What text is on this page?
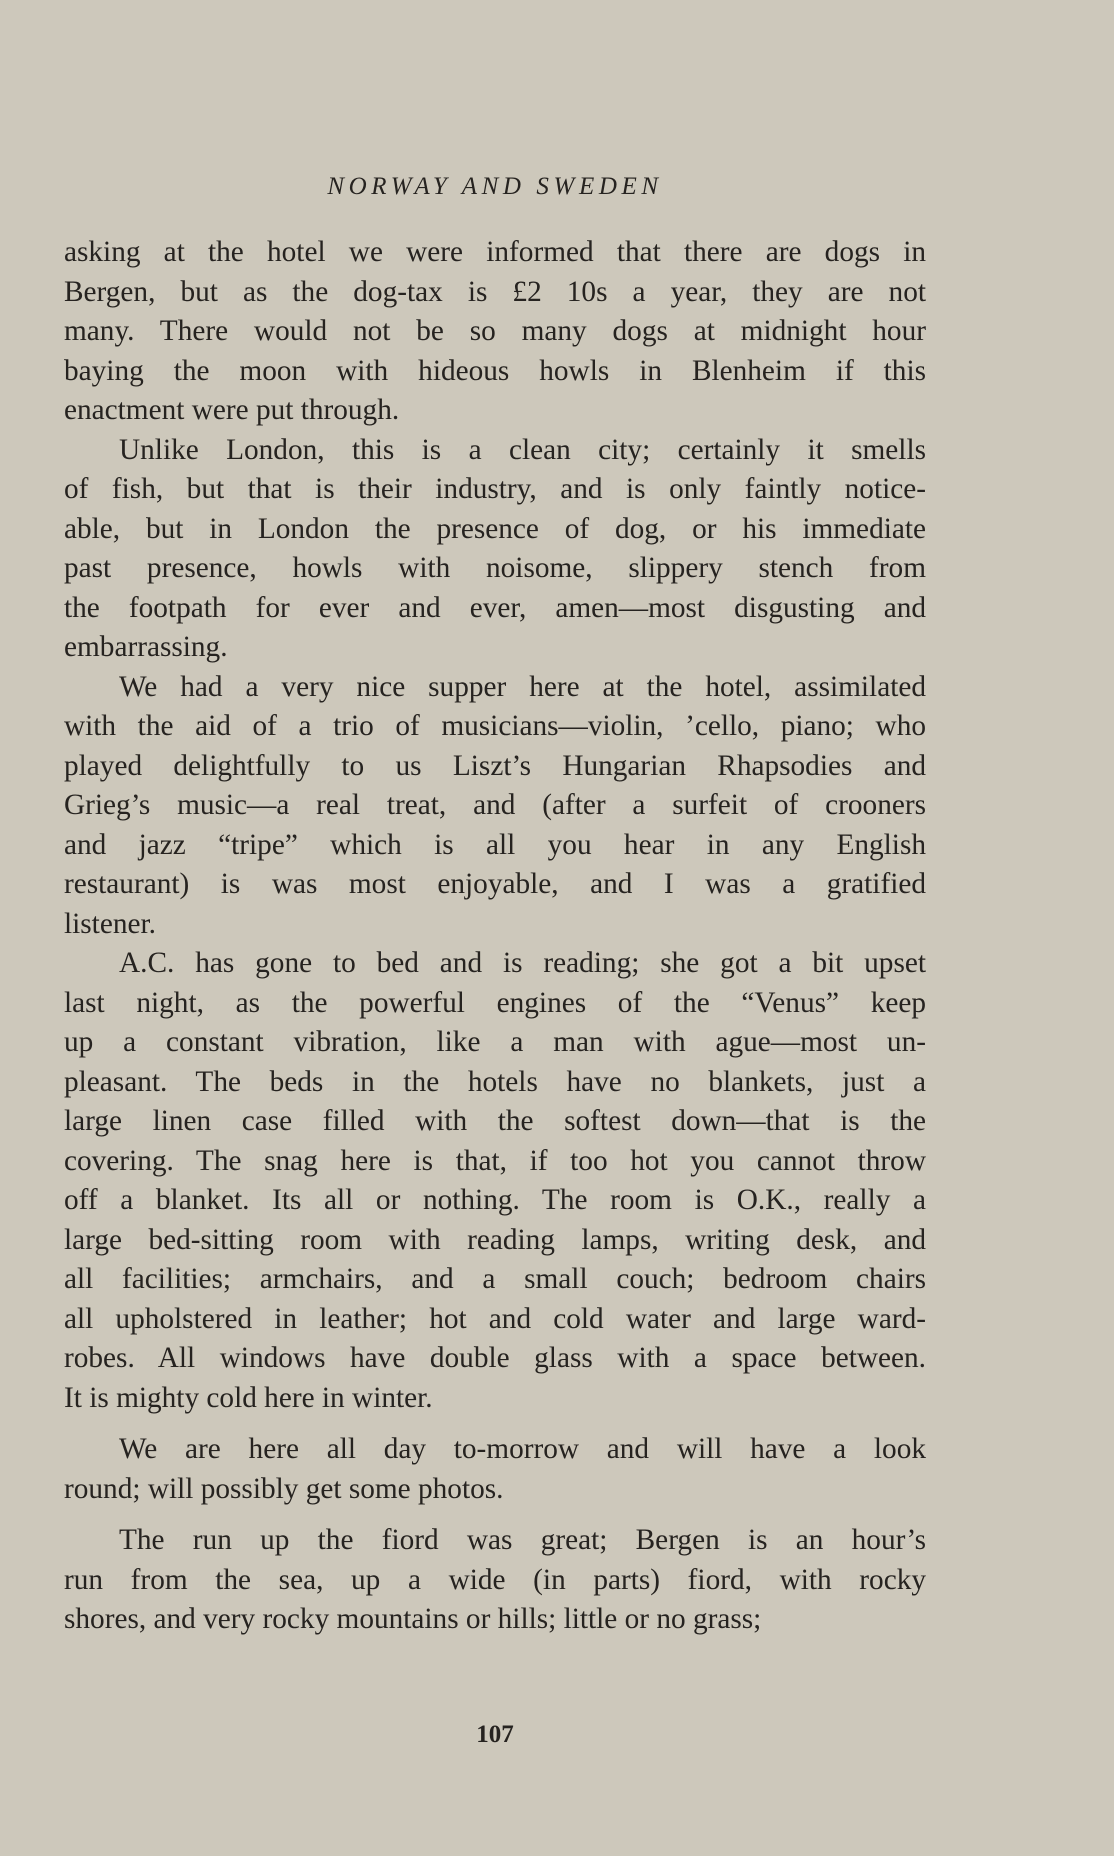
NORWAY AND SWEDEN
asking at the hotel we were informed that there are dogs in
Bergen, but as the dog-tax is £2 10s a year, they are not
many. There would not be so many dogs at midnight hour
baying the moon with hideous howls in Blenheim if this
enactment were put through.
Unlike London, this is a clean city; certainly it smells
of fish, but that is their industry, and is only faintly notice-
able, but in London the presence of dog, or his immediate
past presence, howls with noisome, slippery stench from
the footpath for ever and ever, amen—most disgusting and
embarrassing.
We had a very nice supper here at the hotel, assimilated
with the aid of a trio of musicians—violin, ’cello, piano; who
played delightfully to us Liszt’s Hungarian Rhapsodies and
Grieg’s music—a real treat, and (after a surfeit of crooners
and jazz “tripe” which is all you hear in any English
restaurant) is was most enjoyable, and I was a gratified
listener.
A.C. has gone to bed and is reading; she got a bit upset
last night, as the powerful engines of the “Venus” keep
up a constant vibration, like a man with ague—most un-
pleasant. The beds in the hotels have no blankets, just a
large linen case filled with the softest down—that is the
covering. The snag here is that, if too hot you cannot throw
off a blanket. Its all or nothing. The room is O.K., really a
large bed-sitting room with reading lamps, writing desk, and
all facilities; armchairs, and a small couch; bedroom chairs
all upholstered in leather; hot and cold water and large ward-
robes. All windows have double glass with a space between.
It is mighty cold here in winter.
We are here all day to-morrow and will have a look
round; will possibly get some photos.
The run up the fiord was great; Bergen is an hour’s
run from the sea, up a wide (in parts) fiord, with rocky
shores, and very rocky mountains or hills; little or no grass;
107
